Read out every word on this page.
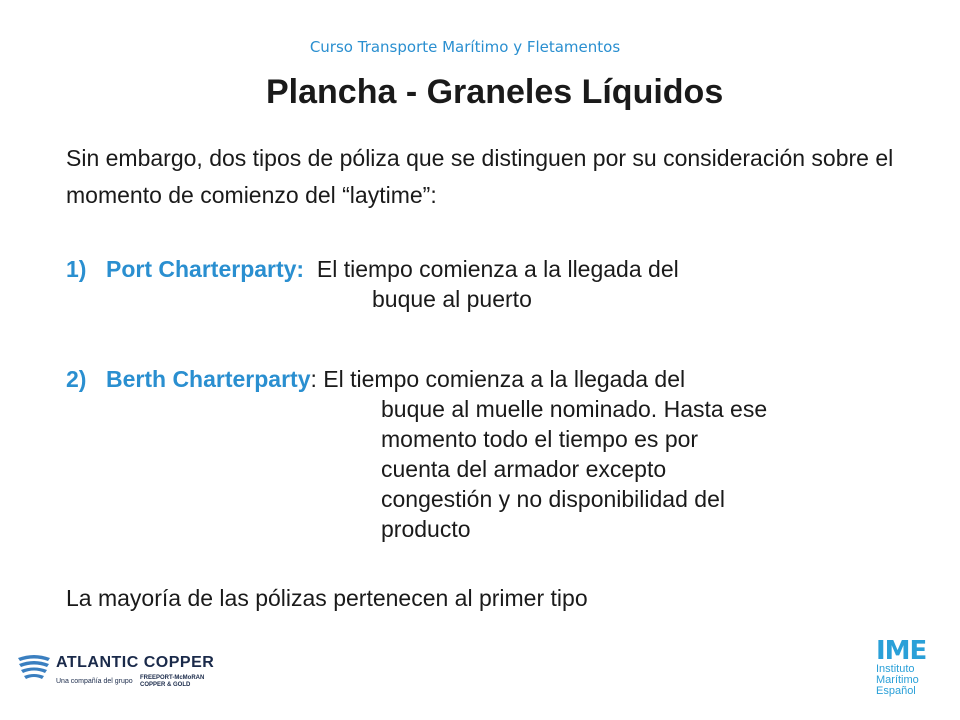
Curso Transporte Marítimo y Fletamentos
Plancha - Graneles Líquidos

Sin embargo, dos tipos de póliza que se distinguen por su consideración sobre el momento de comienzo del “laytime”:

1) Port Charterparty: El tiempo comienza a la llegada del
buque al puerto
2) Berth Charterparty: El tiempo comienza a la llegada del
buque al muelle nominado. Hasta ese
momento todo el tiempo es por
cuenta del armador excepto
congestión y no disponibilidad del
producto

La mayoría de las pólizas pertenecen al primer tipo

ATLANTIC COPPER
Una compañía del grupo FREEPORT-McMoRAN
COPPER & GOLD
IME
Instituto
Marítimo
Español
